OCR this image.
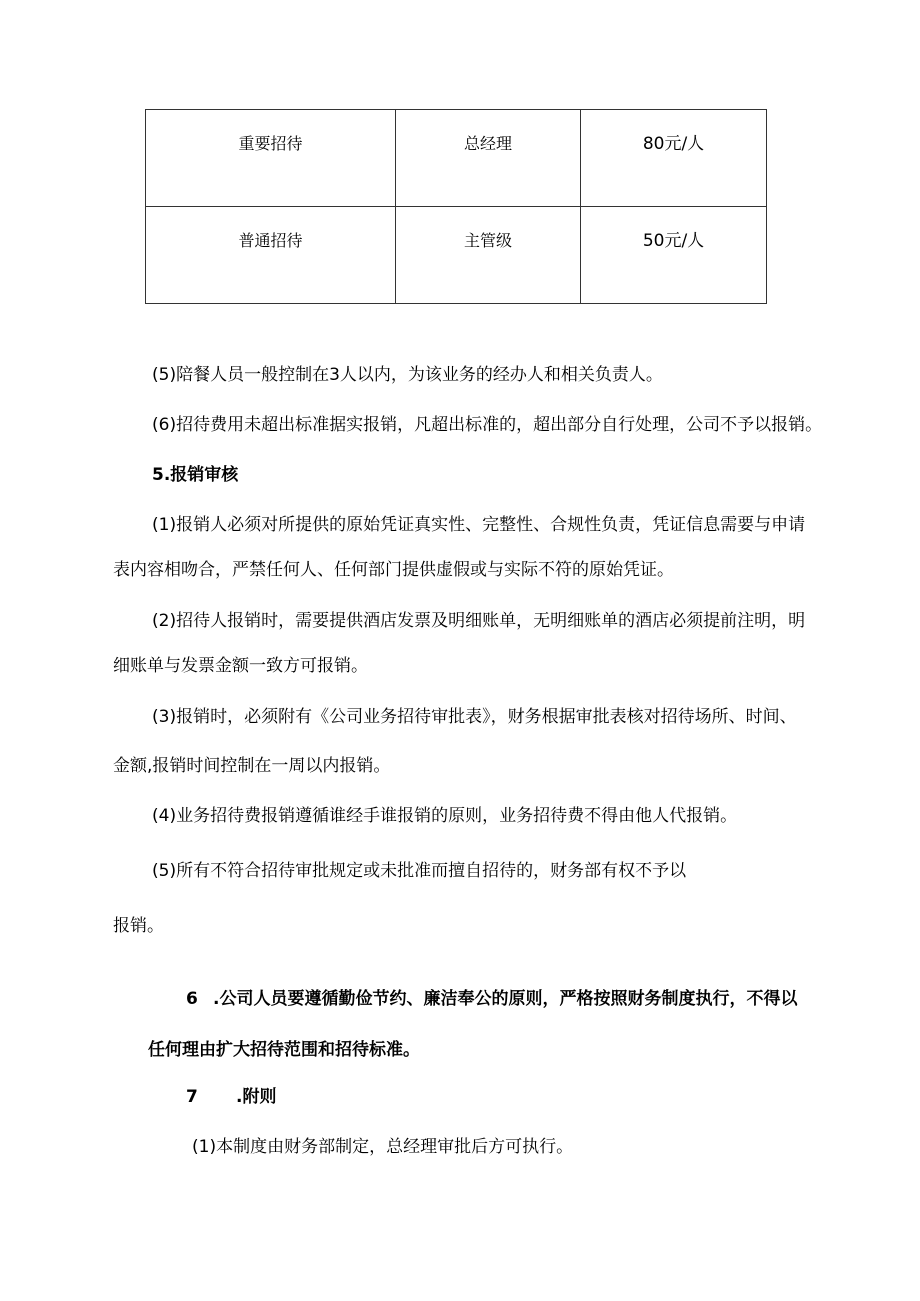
重要招待	总经理	80元/人
普通招待	主管级	50元/人
(5)陪餐人员一般控制在3人以内，为该业务的经办人和相关负责人。
(6)招待费用未超出标准据实报销，凡超出标准的，超出部分自行处理，公司不予以报销。
5.报销审核
(1)报销人必须对所提供的原始凭证真实性、完整性、合规性负责，凭证信息需要与申请
表内容相吻合，严禁任何人、任何部门提供虚假或与实际不符的原始凭证。
(2)招待人报销时，需要提供酒店发票及明细账单，无明细账单的酒店必须提前注明，明
细账单与发票金额一致方可报销。
(3)报销时，必须附有《公司业务招待审批表》，财务根据审批表核对招待场所、时间、
金额,报销时间控制在一周以内报销。
(4)业务招待费报销遵循谁经手谁报销的原则，业务招待费不得由他人代报销。
(5)所有不符合招待审批规定或未批准而擅自招待的，财务部有权不予以
报销。
6 .公司人员要遵循勤俭节约、廉洁奉公的原则，严格按照财务制度执行，不得以
任何理由扩大招待范围和招待标准。
7 .附则
(1)本制度由财务部制定，总经理审批后方可执行。
